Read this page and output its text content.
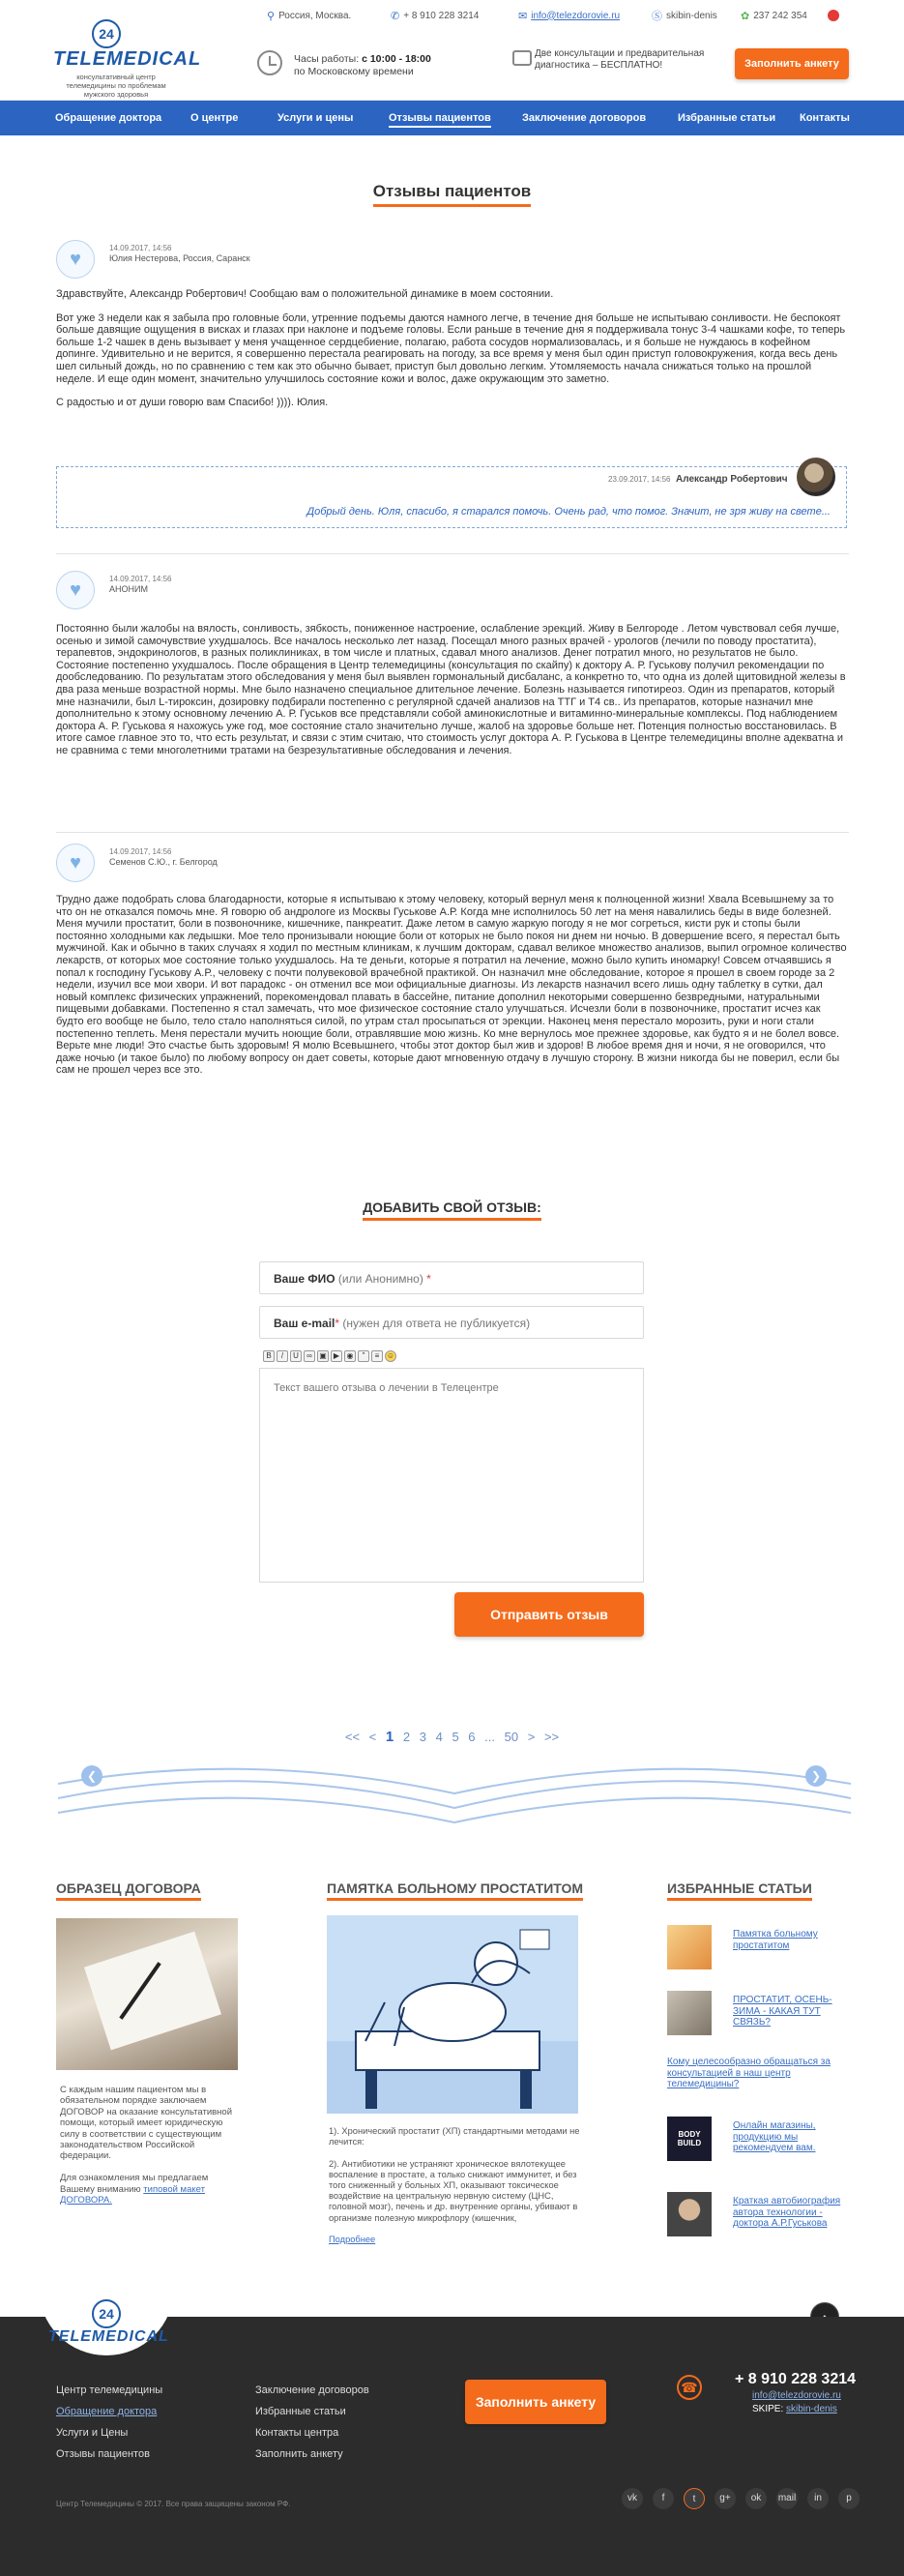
24
TELEMEDICAL
консультативный центр телемедицины по проблемам мужского здоровья
⚲ Россия, Москва.	✆ + 8 910 228 3214	✉ info@telezdorovie.ru	Ⓢ skibin-denis ✿ 237 242 354
Часы работы: с 10:00 - 18:00
по Московскому времени
Две консультации и предварительная диагностика – БЕСПЛАТНО!	Заполнить анкету
Обращение доктора	О центре	Услуги и цены	Отзывы пациентов	Заключение договоров	Избранные статьи Контакты
Отзывы пациентов
♥
14.09.2017, 14:56
Юлия Нестерова, Россия, Саранск

Здравствуйте, Александр Робертович! Сообщаю вам о положительной динамике в моем состоянии.

Вот уже 3 недели как я забыла про головные боли, утренние подъемы даются намного легче, в течение дня больше не испытываю сонливости. Не беспокоят больше давящие ощущения в висках и глазах при наклоне и подъеме головы. Если раньше в течение дня я поддерживала тонус 3-4 чашками кофе, то теперь больше 1-2 чашек в день вызывает у меня учащенное сердцебиение, полагаю, работа сосудов нормализовалась, и я больше не нуждаюсь в кофейном допинге. Удивительно и не верится, я совершенно перестала реагировать на погоду, за все время у меня был один приступ головокружения, когда весь день шел сильный дождь, но по сравнению с тем как это обычно бывает, приступ был довольно легким. Утомляемость начала снижаться только на прошлой неделе. И еще один момент, значительно улучшилось состояние кожи и волос, даже окружающим это заметно.

С радостью и от души говорю вам Спасибо! )))). Юлия.

23.09.2017, 14:56 Александр Робертович
Добрый день. Юля, спасибо, я старался помочь. Очень рад, что помог. Значит, не зря живу на свете...
♥
14.09.2017, 14:56
АНОНИМ

Постоянно были жалобы на вялость, сонливость, зябкость, пониженное настроение, ослабление эрекций. Живу в Белгороде . Летом чувствовал себя лучше, осенью и зимой самочувствие ухудшалось. Все началось несколько лет назад. Посещал много разных врачей - урологов (лечили по поводу простатита), терапевтов, эндокринологов, в разных поликлиниках, в том числе и платных, сдавал много анализов. Денег потратил много, но результатов не было. Состояние постепенно ухудшалось. После обращения в Центр телемедицины (консультация по скайпу) к доктору А. Р. Гуськову получил рекомендации по дообследованию. По результатам этого обследования у меня был выявлен гормональный дисбаланс, а конкретно то, что одна из долей щитовидной железы в два раза меньше возрастной нормы. Мне было назначено специальное длительное лечение. Болезнь называется гипотиреоз. Один из препаратов, который мне назначили, был L-тироксин, дозировку подбирали постепенно с регулярной сдачей анализов на ТТГ и Т4 св.. Из препаратов, которые назначил мне дополнительно к этому основному лечению А. Р. Гуськов все представляли собой аминокислотные и витаминно-минеральные комплексы. Под наблюдением доктора А. Р. Гуськова я нахожусь уже год, мое состояние стало значительно лучше, жалоб на здоровье больше нет. Потенция полностью восстановилась. В итоге самое главное это то, что есть результат, и связи с этим считаю, что стоимость услуг доктора А. Р. Гуськова в Центре телемедицины вполне адекватна и не сравнима с теми многолетними тратами на безрезультативные обследования и лечения.

♥
14.09.2017, 14:56
Семенов С.Ю., г. Белгород

Трудно даже подобрать слова благодарности, которые я испытываю к этому человеку, который вернул меня к полноценной жизни! Хвала Всевышнему за то что он не отказался помочь мне. Я говорю об андрологе из Москвы Гуськове А.Р. Когда мне исполнилось 50 лет на меня навалились беды в виде болезней. Меня мучили простатит, боли в позвоночнике, кишечнике, панкреатит. Даже летом в самую жаркую погоду я не мог согреться, кисти рук и стопы были постоянно холодными как ледышки. Мое тело пронизывали ноющие боли от которых не было покоя ни днем ни ночью. В довершение всего, я перестал быть мужчиной. Как и обычно в таких случаях я ходил по местным клиникам, к лучшим докторам, сдавал великое множество анализов, выпил огромное количество лекарств, от которых мое состояние только ухудшалось. На те деньги, которые я потратил на лечение, можно было купить иномарку! Совсем отчаявшись я попал к господину Гуськову А.Р., человеку с почти полувековой врачебной практикой. Он назначил мне обследование, которое я прошел в своем городе за 2 недели, изучил все мои хвори. И вот парадокс - он отменил все мои официальные диагнозы. Из лекарств назначил всего лишь одну таблетку в сутки, дал новый комплекс физических упражнений, порекомендовал плавать в бассейне, питание дополнил некоторыми совершенно безвредными, натуральными пищевыми добавками. Постепенно я стал замечать, что мое физическое состояние стало улучшаться. Исчезли боли в позвоночнике, простатит исчез как будто его вообще не было, тело стало наполняться силой, по утрам стал просыпаться от эрекции. Наконец меня перестало морозить, руки и ноги стали постепенно теплеть. Меня перестали мучить ноющие боли, отравлявшие мою жизнь. Ко мне вернулось мое прежнее здоровье, как будто я и не болел вовсе. Верьте мне люди! Это счастье быть здоровым! Я молю Всевышнего, чтобы этот доктор был жив и здоров! В любое время дня и ночи, я не оговорился, что даже ночью (и такое было) по любому вопросу он дает советы, которые дают мгновенную отдачу в лучшую сторону. В жизни никогда бы не поверил, если бы сам не прошел через все это.

ДОБАВИТЬ СВОЙ ОТЗЫВ:
Ваше ФИО (или Анонимно) *
Ваш e-mail* (нужен для ответа не публикуется)
B	/	U	∞ ▣ ▶ ◉	"	≡ ☺
Текст вашего отзыва о лечении в Телецентре
Отправить отзыв
<< < 1 2 3 4 5 6 ... 50 > >>
❮	❯
ОБРАЗЕЦ ДОГОВОРА

С каждым нашим пациентом мы в обязательном порядке заключаем ДОГОВОР на оказание консультативной помощи, который имеет юридическую силу в соответствии с существующим законодательством Российской федерации.

Для ознакомления мы предлагаем Вашему вниманию типовой макет ДОГОВОРА.

ПАМЯТКА БОЛЬНОМУ ПРОСТАТИТОМ

1). Хронический простатит (ХП) стандартными методами не лечится:

2). Антибиотики не устраняют хроническое вялотекущее воспаление в простате, а только снижают иммунитет, и без того сниженный у больных ХП, оказывают токсическое воздействие на центральную нервную систему (ЦНС, головной мозг), печень и др. внутренние органы, убивают в организме полезную микрофлору (кишечник,

Подробнее
ИЗБРАННЫЕ СТАТЬИ
Памятка больному простатитом
ПРОСТАТИТ, ОСЕНЬ-ЗИМА - КАКАЯ ТУТ СВЯЗЬ?
Кому целесообразно обращаться за консультацией в наш центр телемедицины?
BODY BUILD
Онлайн магазины, продукцию мы рекомендуем вам.
Краткая автобиография автора технологии - доктора А.Р.Гуськова
24
TELEMEDICAL
Центр телемедицины
Обращение доктора
Услуги и Цены
Отзывы пациентов
Заключение договоров
Избранные статьи
Контакты центра
Заполнить анкету
Заполнить анкету
☎ + 8 910 228 3214
info@telezdorovie.ru
SKIPE: skibin-denis
Центр Телемедицины © 2017. Все права защищены законом РФ.
vk	f	t	g+	ok	mail	in	p
